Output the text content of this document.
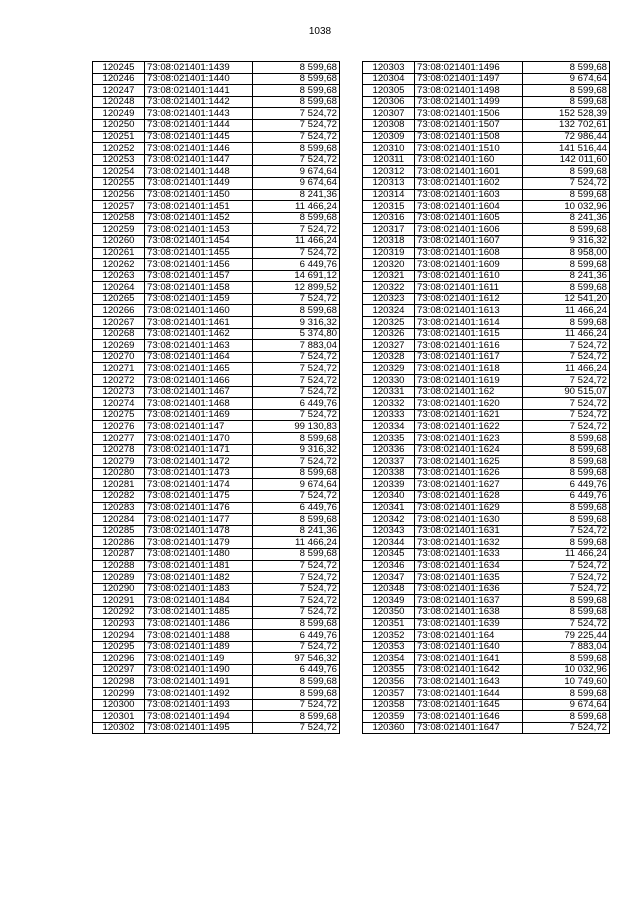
1038
120245	73:08:021401:1439	8 599,68
120246	73:08:021401:1440	8 599,68
120247	73:08:021401:1441	8 599,68
120248	73:08:021401:1442	8 599,68
120249	73:08:021401:1443	7 524,72
120250	73:08:021401:1444	7 524,72
120251	73:08:021401:1445	7 524,72
120252	73:08:021401:1446	8 599,68
120253	73:08:021401:1447	7 524,72
120254	73:08:021401:1448	9 674,64
120255	73:08:021401:1449	9 674,64
120256	73:08:021401:1450	8 241,36
120257	73:08:021401:1451	11 466,24
120258	73:08:021401:1452	8 599,68
120259	73:08:021401:1453	7 524,72
120260	73:08:021401:1454	11 466,24
120261	73:08:021401:1455	7 524,72
120262	73:08:021401:1456	6 449,76
120263	73:08:021401:1457	14 691,12
120264	73:08:021401:1458	12 899,52
120265	73:08:021401:1459	7 524,72
120266	73:08:021401:1460	8 599,68
120267	73:08:021401:1461	9 316,32
120268	73:08:021401:1462	5 374,80
120269	73:08:021401:1463	7 883,04
120270	73:08:021401:1464	7 524,72
120271	73:08:021401:1465	7 524,72
120272	73:08:021401:1466	7 524,72
120273	73:08:021401:1467	7 524,72
120274	73:08:021401:1468	6 449,76
120275	73:08:021401:1469	7 524,72
120276	73:08:021401:147	99 130,83
120277	73:08:021401:1470	8 599,68
120278	73:08:021401:1471	9 316,32
120279	73:08:021401:1472	7 524,72
120280	73:08:021401:1473	8 599,68
120281	73:08:021401:1474	9 674,64
120282	73:08:021401:1475	7 524,72
120283	73:08:021401:1476	6 449,76
120284	73:08:021401:1477	8 599,68
120285	73:08:021401:1478	8 241,36
120286	73:08:021401:1479	11 466,24
120287	73:08:021401:1480	8 599,68
120288	73:08:021401:1481	7 524,72
120289	73:08:021401:1482	7 524,72
120290	73:08:021401:1483	7 524,72
120291	73:08:021401:1484	7 524,72
120292	73:08:021401:1485	7 524,72
120293	73:08:021401:1486	8 599,68
120294	73:08:021401:1488	6 449,76
120295	73:08:021401:1489	7 524,72
120296	73:08:021401:149	97 546,32
120297	73:08:021401:1490	6 449,76
120298	73:08:021401:1491	8 599,68
120299	73:08:021401:1492	8 599,68
120300	73:08:021401:1493	7 524,72
120301	73:08:021401:1494	8 599,68
120302	73:08:021401:1495	7 524,72
120303	73:08:021401:1496	8 599,68
120304	73:08:021401:1497	9 674,64
120305	73:08:021401:1498	8 599,68
120306	73:08:021401:1499	8 599,68
120307	73:08:021401:1506	152 528,39
120308	73:08:021401:1507	132 702,61
120309	73:08:021401:1508	72 986,44
120310	73:08:021401:1510	141 516,44
120311	73:08:021401:160	142 011,60
120312	73:08:021401:1601	8 599,68
120313	73:08:021401:1602	7 524,72
120314	73:08:021401:1603	8 599,68
120315	73:08:021401:1604	10 032,96
120316	73:08:021401:1605	8 241,36
120317	73:08:021401:1606	8 599,68
120318	73:08:021401:1607	9 316,32
120319	73:08:021401:1608	8 958,00
120320	73:08:021401:1609	8 599,68
120321	73:08:021401:1610	8 241,36
120322	73:08:021401:1611	8 599,68
120323	73:08:021401:1612	12 541,20
120324	73:08:021401:1613	11 466,24
120325	73:08:021401:1614	8 599,68
120326	73:08:021401:1615	11 466,24
120327	73:08:021401:1616	7 524,72
120328	73:08:021401:1617	7 524,72
120329	73:08:021401:1618	11 466,24
120330	73:08:021401:1619	7 524,72
120331	73:08:021401:162	90 515,07
120332	73:08:021401:1620	7 524,72
120333	73:08:021401:1621	7 524,72
120334	73:08:021401:1622	7 524,72
120335	73:08:021401:1623	8 599,68
120336	73:08:021401:1624	8 599,68
120337	73:08:021401:1625	8 599,68
120338	73:08:021401:1626	8 599,68
120339	73:08:021401:1627	6 449,76
120340	73:08:021401:1628	6 449,76
120341	73:08:021401:1629	8 599,68
120342	73:08:021401:1630	8 599,68
120343	73:08:021401:1631	7 524,72
120344	73:08:021401:1632	8 599,68
120345	73:08:021401:1633	11 466,24
120346	73:08:021401:1634	7 524,72
120347	73:08:021401:1635	7 524,72
120348	73:08:021401:1636	7 524,72
120349	73:08:021401:1637	8 599,68
120350	73:08:021401:1638	8 599,68
120351	73:08:021401:1639	7 524,72
120352	73:08:021401:164	79 225,44
120353	73:08:021401:1640	7 883,04
120354	73:08:021401:1641	8 599,68
120355	73:08:021401:1642	10 032,96
120356	73:08:021401:1643	10 749,60
120357	73:08:021401:1644	8 599,68
120358	73:08:021401:1645	9 674,64
120359	73:08:021401:1646	8 599,68
120360	73:08:021401:1647	7 524,72
